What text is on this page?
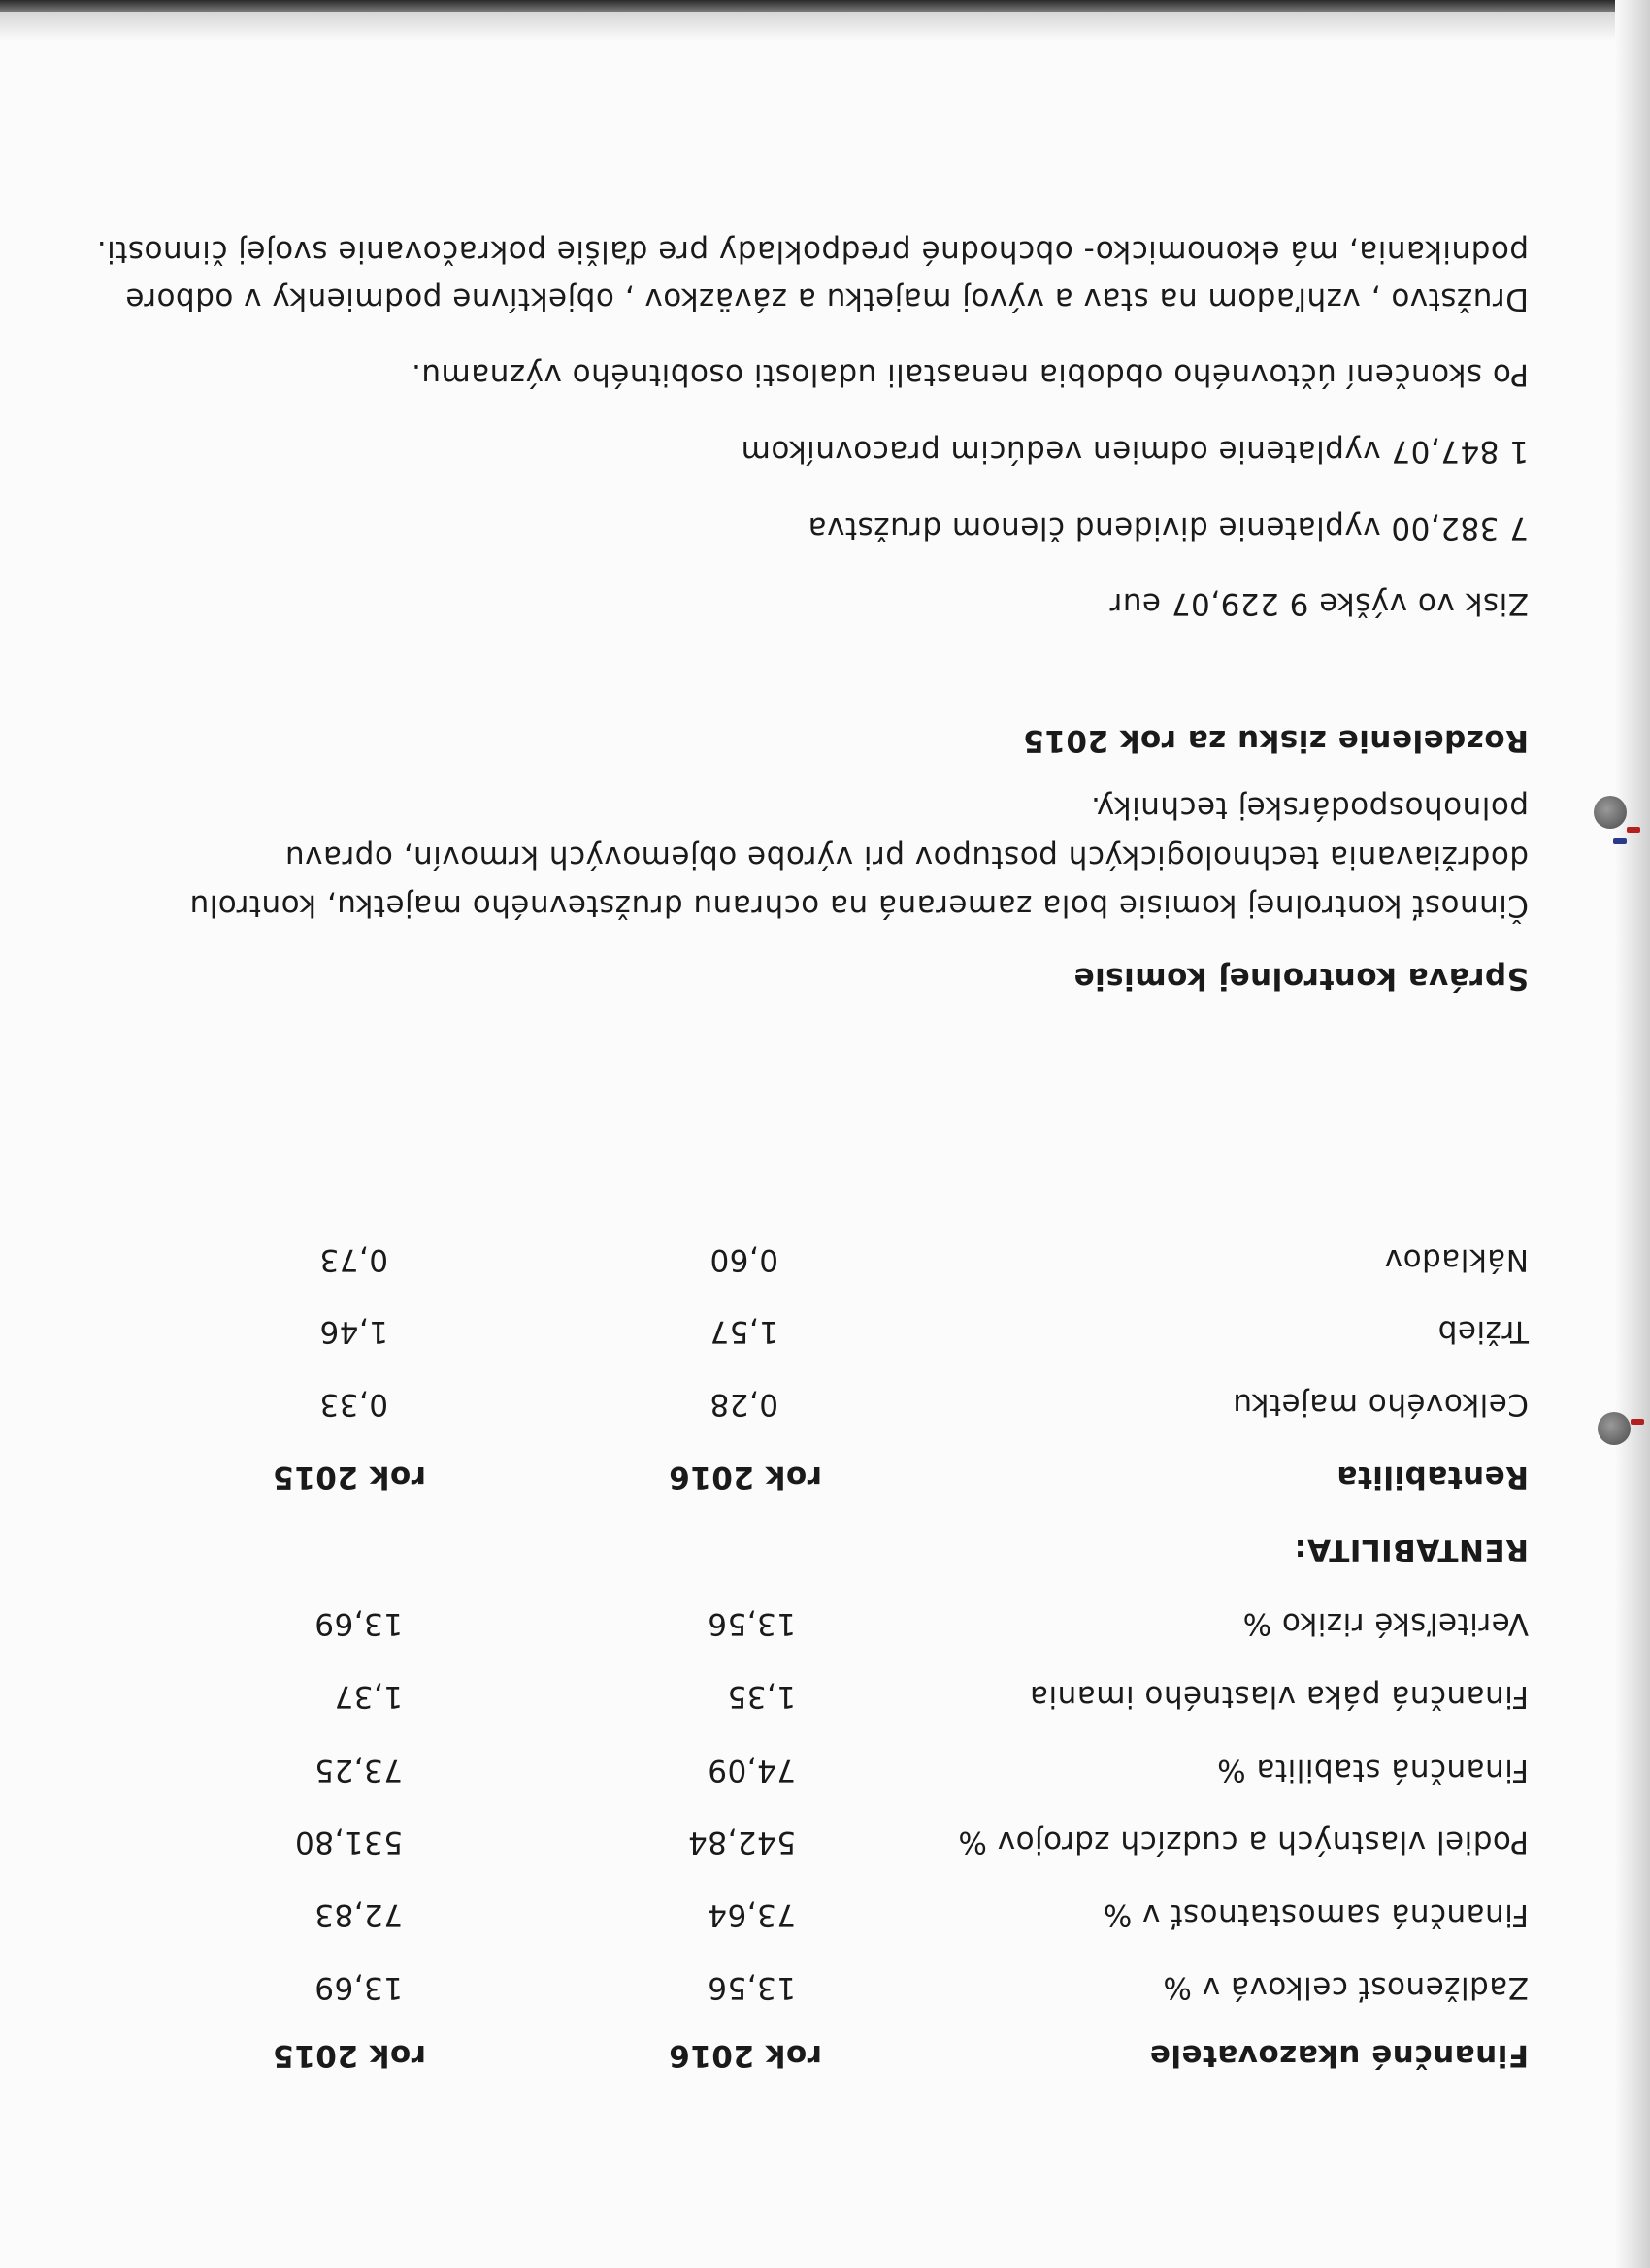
Finančné ukazovatele
rok 2016
rok 2015
Zadlženosť celková v %
13,56
13,69
Finančná samostatnosť v %
73,64
72,83
Podiel vlastných a cudzích zdrojov %
542,84
531,80
Finančná stabilita %
74,09
73,25
Finančná páka vlastného imania
1,35
1,37
Veriteľské riziko %
13,56
13,69
RENTABILITA:
Rentabilita
rok 2016
rok 2015
Celkového majetku
0,28
0,33
Tržieb
1,57
1,46
Nákladov
0,60
0,73
Správa kontrolnej komisie
Činnosť kontrolnej komisie bola zameraná na ochranu družstevného majetku, kontrolu
dodržiavania technologických postupov pri výrobe objemových krmovín, opravu
polnohospodárskej techniky.
Rozdelenie zisku za rok 2015
Zisk vo výške 9 229,07 eur
7 382,00 vyplatenie dividend členom družstva
1 847,07 vyplatenie odmien vedúcim pracovníkom
Po skončení účtovného obdobia nenastali udalosti osobitného významu.
Družstvo , vzhľadom na stav a vývoj majetku a záväzkov , objektívne podmienky v odbore
podnikania, má ekonomicko- obchodné predpoklady pre ďalšie pokračovanie svojej činnosti.
